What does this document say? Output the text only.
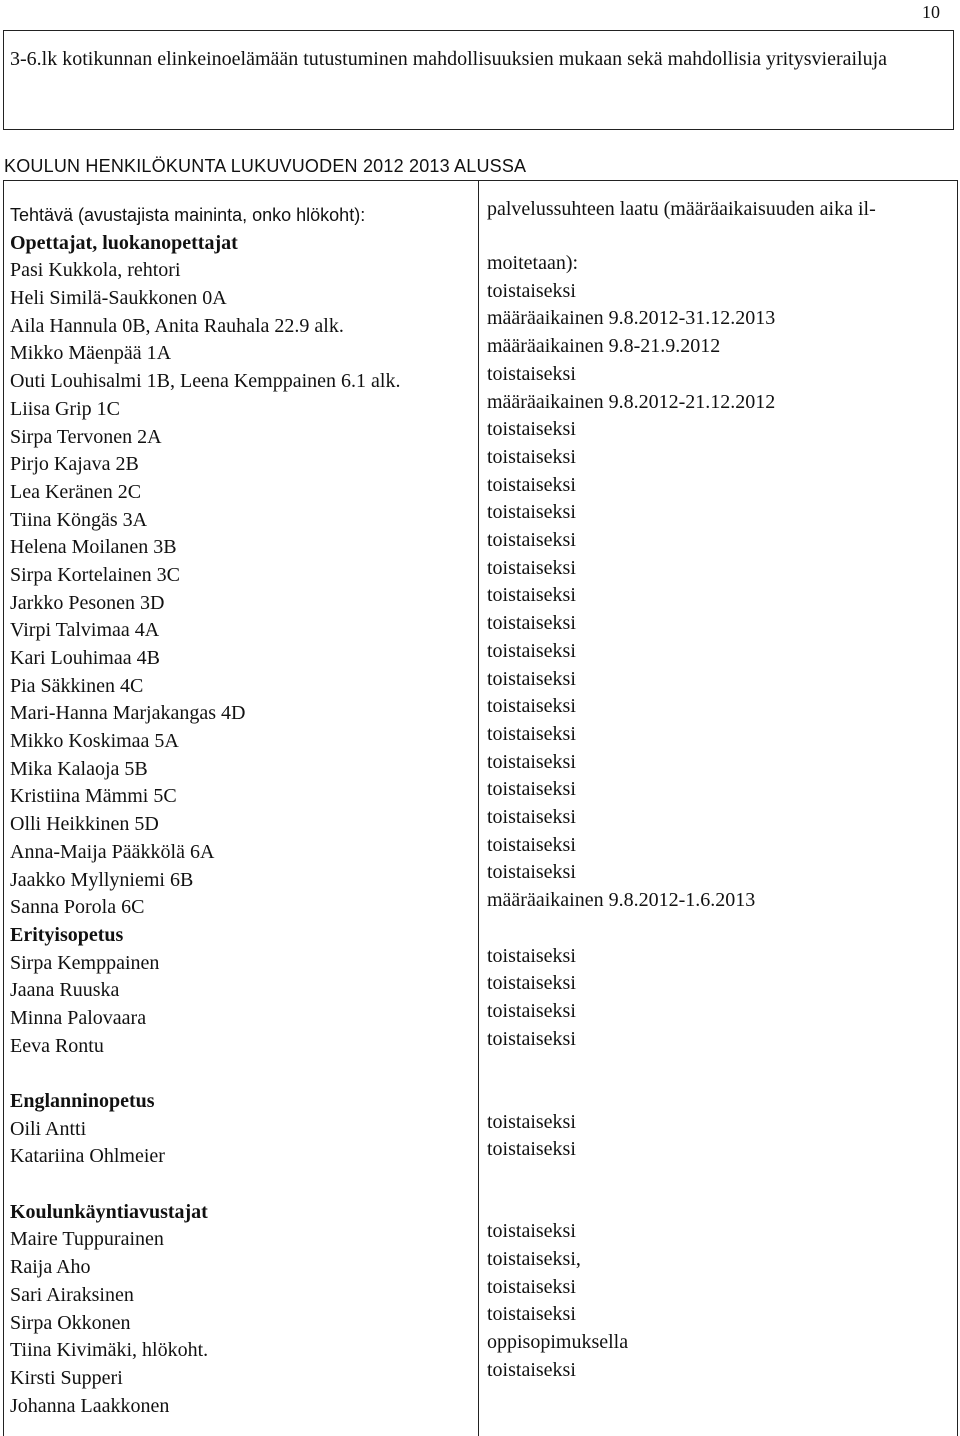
10

3-6.lk kotikunnan elinkeinoelämään tutustuminen mahdollisuuksien mukaan sekä mahdollisia yritysvierailuja

KOULUN HENKILÖKUNTA LUKUVUODEN 2012 2013 ALUSSA
Tehtävä (avustajista maininta, onko hlökoht):
Opettajat, luokanopettajat
Pasi Kukkola, rehtori
Heli Similä-Saukkonen 0A
Aila Hannula 0B, Anita Rauhala 22.9 alk.
Mikko Mäenpää 1A
Outi Louhisalmi 1B, Leena Kemppainen 6.1 alk.
Liisa Grip 1C
Sirpa Tervonen 2A
Pirjo Kajava 2B
Lea Keränen 2C
Tiina Köngäs 3A
Helena Moilanen 3B
Sirpa Kortelainen 3C
Jarkko Pesonen 3D
Virpi Talvimaa 4A
Kari Louhimaa 4B
Pia Säkkinen 4C
Mari-Hanna Marjakangas 4D
Mikko Koskimaa 5A
Mika Kalaoja 5B
Kristiina Mämmi 5C
Olli Heikkinen 5D
Anna-Maija Pääkkölä 6A
Jaakko Myllyniemi 6B
Sanna Porola 6C
Erityisopetus
Sirpa Kemppainen
Jaana Ruuska
Minna Palovaara
Eeva Rontu
Englanninopetus
Oili Antti
Katariina Ohlmeier
Koulunkäyntiavustajat
Maire Tuppurainen
Raija Aho
Sari Airaksinen
Sirpa Okkonen
Tiina Kivimäki, hlökoht.
Kirsti Supperi
Johanna Laakkonen
palvelussuhteen laatu (määräaikaisuuden aika il-
moitetaan):
toistaiseksi
määräaikainen 9.8.2012-31.12.2013
määräaikainen 9.8-21.9.2012
toistaiseksi
määräaikainen 9.8.2012-21.12.2012
toistaiseksi
toistaiseksi
toistaiseksi
toistaiseksi
toistaiseksi
toistaiseksi
toistaiseksi
toistaiseksi
toistaiseksi
toistaiseksi
toistaiseksi
toistaiseksi
toistaiseksi
toistaiseksi
toistaiseksi
toistaiseksi
toistaiseksi
määräaikainen 9.8.2012-1.6.2013
toistaiseksi
toistaiseksi
toistaiseksi
toistaiseksi
toistaiseksi
toistaiseksi
toistaiseksi
toistaiseksi,
toistaiseksi
toistaiseksi
oppisopimuksella
toistaiseksi
